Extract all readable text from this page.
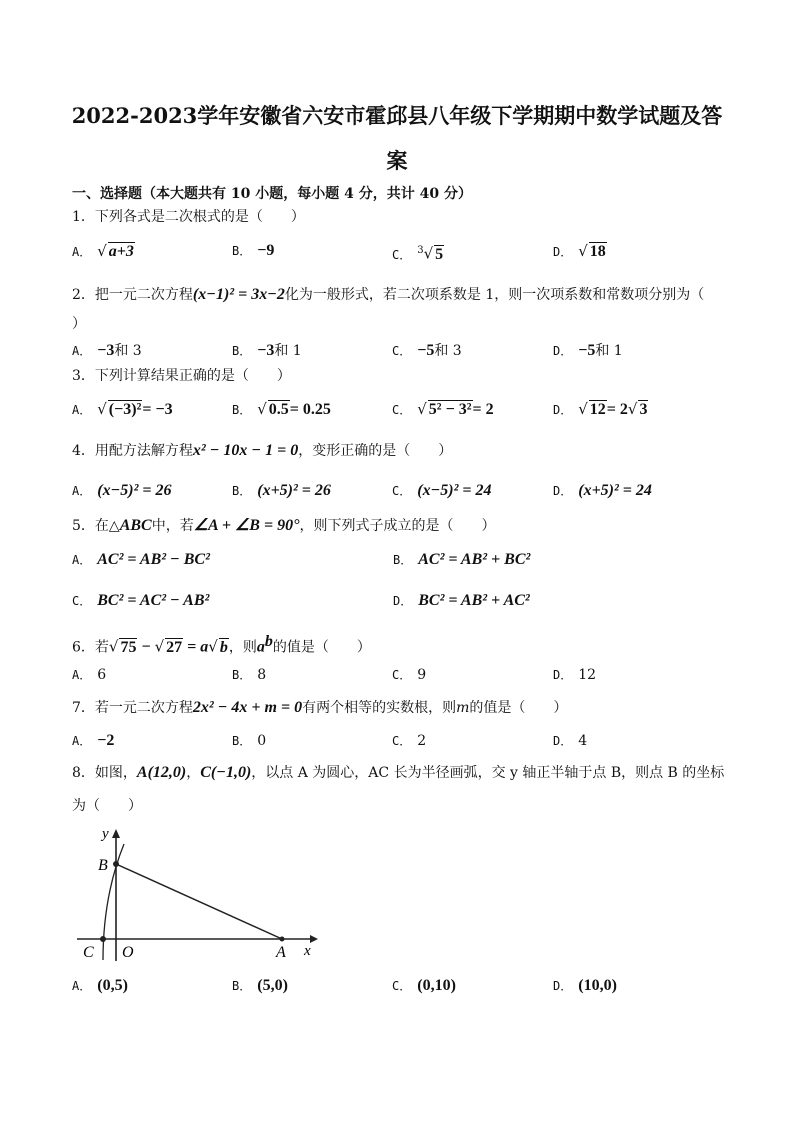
2022-2023学年安徽省六安市霍邱县八年级下学期期中数学试题及答
案
一、选择题（本大题共有 10 小题，每小题 4 分，共计 40 分）
1．下列各式是二次根式的是（　　）
A． √ a+3	B． −9	C． $^3$√ 5	D． √ 18
2．把一元二次方程(x−1)² = 3x−2化为一般形式，若二次项系数是 1，则一次项系数和常数项分别为（
）
A． −3和 3	B． −3和 1	C． −5和 3	D． −5和 1
3．下列计算结果正确的是（　　）
A． √ (−3)²= −3	B． √ 0.5= 0.25	C． √ 5² − 3²= 2	D． √ 12= 2√ 3
4．用配方法解方程x² − 10x − 1 = 0，变形正确的是（　　）
A． (x−5)² = 26	B． (x+5)² = 26	C． (x−5)² = 24	D． (x+5)² = 24
5．在△ABC中，若∠A + ∠B = 90°，则下列式子成立的是（　　）
A． AC² = AB² − BC²	B． AC² = AB² + BC²
C． BC² = AC² − AB²	D． BC² = AB² + AC²
6．若√ 75 − √ 27 = a√ b，则$a^b$的值是（　　）
A． 6	B． 8	C． 9	D． 12
7．若一元二次方程2x² − 4x + m = 0有两个相等的实数根，则m的值是（　　）
A． −2	B． 0	C． 2	D． 4
8．如图，A(12,0)，C(−1,0)，以点 A 为圆心，AC 长为半径画弧，交 y 轴正半轴于点 B，则点 B 的坐标
为（　　）
y
x
B
C O	A
A． (0,5)	B． (5,0)	C． (0,10)	D． (10,0)
